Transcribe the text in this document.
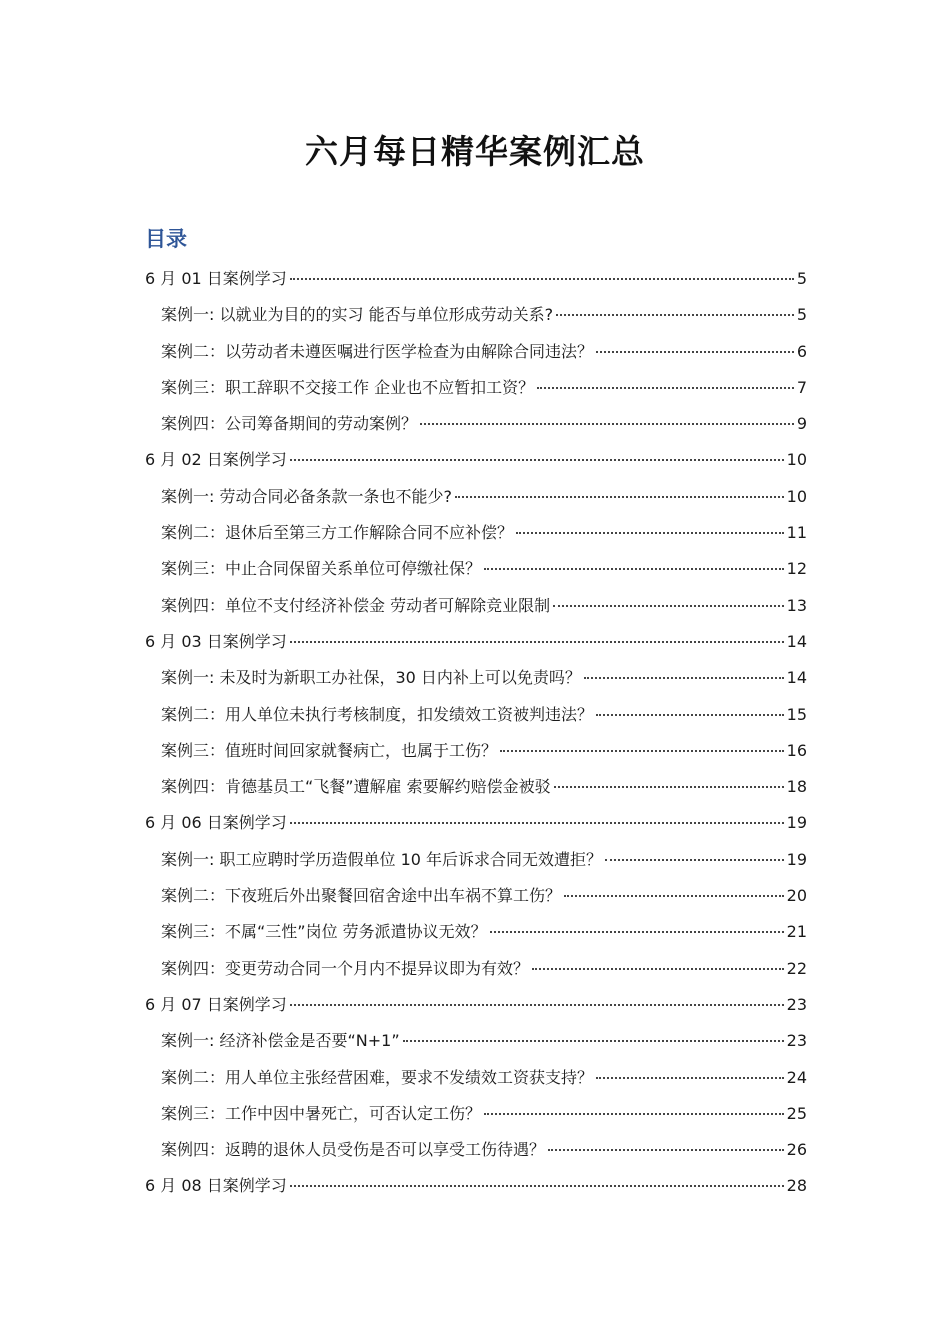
六月每日精华案例汇总
目录
6 月 01 日案例学习	5
案例一: 以就业为目的的实习 能否与单位形成劳动关系?	5
案例二：以劳动者未遵医嘱进行医学检查为由解除合同违法？	6
案例三：职工辞职不交接工作 企业也不应暂扣工资？	7
案例四：公司筹备期间的劳动案例？	9
6 月 02 日案例学习	10
案例一: 劳动合同必备条款一条也不能少?	10
案例二：退休后至第三方工作解除合同不应补偿？	11
案例三：中止合同保留关系单位可停缴社保？	12
案例四：单位不支付经济补偿金 劳动者可解除竞业限制	13
6 月 03 日案例学习	14
案例一: 未及时为新职工办社保，30 日内补上可以免责吗？	14
案例二：用人单位未执行考核制度，扣发绩效工资被判违法？	15
案例三：值班时间回家就餐病亡，也属于工伤？	16
案例四：肯德基员工“飞餐”遭解雇 索要解约赔偿金被驳	18
6 月 06 日案例学习	19
案例一: 职工应聘时学历造假单位 10 年后诉求合同无效遭拒？	19
案例二：下夜班后外出聚餐回宿舍途中出车祸不算工伤？	20
案例三：不属“三性”岗位 劳务派遣协议无效？	21
案例四：变更劳动合同一个月内不提异议即为有效？	22
6 月 07 日案例学习	23
案例一: 经济补偿金是否要“N+1”	23
案例二：用人单位主张经营困难，要求不发绩效工资获支持？	24
案例三：工作中因中暑死亡，可否认定工伤？	25
案例四：返聘的退休人员受伤是否可以享受工伤待遇？	26
6 月 08 日案例学习	28
